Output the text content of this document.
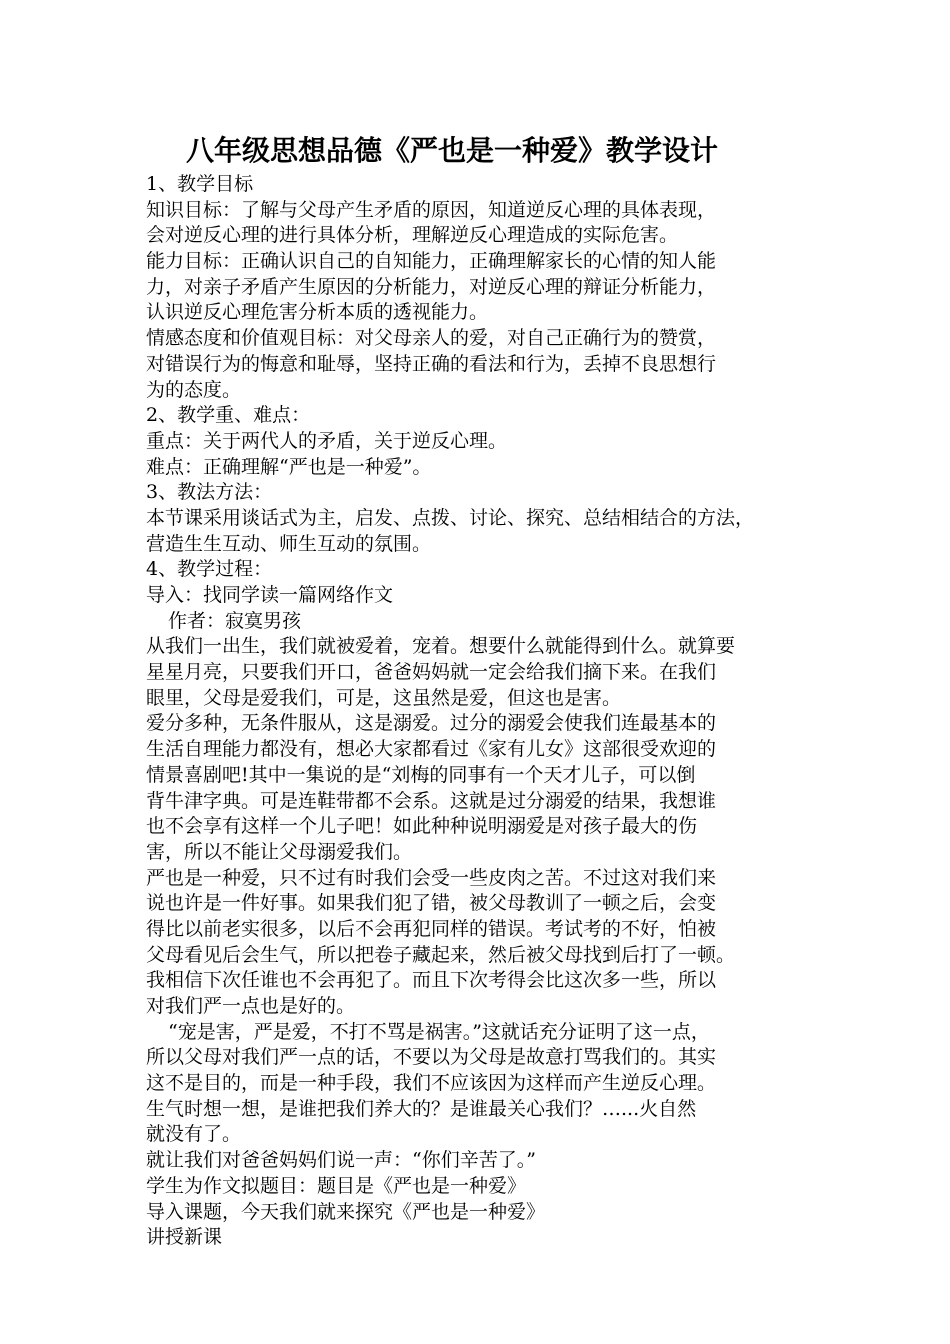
八年级思想品德《严也是一种爱》教学设计
1、教学目标
知识目标：了解与父母产生矛盾的原因，知道逆反心理的具体表现，
会对逆反心理的进行具体分析，理解逆反心理造成的实际危害。
能力目标：正确认识自己的自知能力，正确理解家长的心情的知人能
力，对亲子矛盾产生原因的分析能力，对逆反心理的辩证分析能力，
认识逆反心理危害分析本质的透视能力。
情感态度和价值观目标：对父母亲人的爱，对自己正确行为的赞赏，
对错误行为的悔意和耻辱，坚持正确的看法和行为，丢掉不良思想行
为的态度。
2、教学重、难点：
重点：关于两代人的矛盾，关于逆反心理。
难点：正确理解“严也是一种爱”。
3、教法方法：
本节课采用谈话式为主，启发、点拨、讨论、探究、总结相结合的方法，
营造生生互动、师生互动的氛围。
4、教学过程：
导入：找同学读一篇网络作文
作者：寂寞男孩
从我们一出生，我们就被爱着，宠着。想要什么就能得到什么。就算要
星星月亮，只要我们开口，爸爸妈妈就一定会给我们摘下来。在我们
眼里，父母是爱我们，可是，这虽然是爱，但这也是害。
爱分多种，无条件服从，这是溺爱。过分的溺爱会使我们连最基本的
生活自理能力都没有，想必大家都看过《家有儿女》这部很受欢迎的
情景喜剧吧!其中一集说的是“刘梅的同事有一个天才儿子，可以倒
背牛津字典。可是连鞋带都不会系。这就是过分溺爱的结果，我想谁
也不会享有这样一个儿子吧！如此种种说明溺爱是对孩子最大的伤
害，所以不能让父母溺爱我们。
严也是一种爱，只不过有时我们会受一些皮肉之苦。不过这对我们来
说也许是一件好事。如果我们犯了错，被父母教训了一顿之后，会变
得比以前老实很多，以后不会再犯同样的错误。考试考的不好，怕被
父母看见后会生气，所以把卷子藏起来，然后被父母找到后打了一顿。
我相信下次任谁也不会再犯了。而且下次考得会比这次多一些，所以
对我们严一点也是好的。
“宠是害，严是爱，不打不骂是祸害。”这就话充分证明了这一点，
所以父母对我们严一点的话，不要以为父母是故意打骂我们的。其实
这不是目的，而是一种手段，我们不应该因为这样而产生逆反心理。
生气时想一想，是谁把我们养大的？是谁最关心我们？…...火自然
就没有了。
就让我们对爸爸妈妈们说一声：“你们辛苦了。”
学生为作文拟题目：题目是《严也是一种爱》
导入课题，今天我们就来探究《严也是一种爱》
讲授新课
